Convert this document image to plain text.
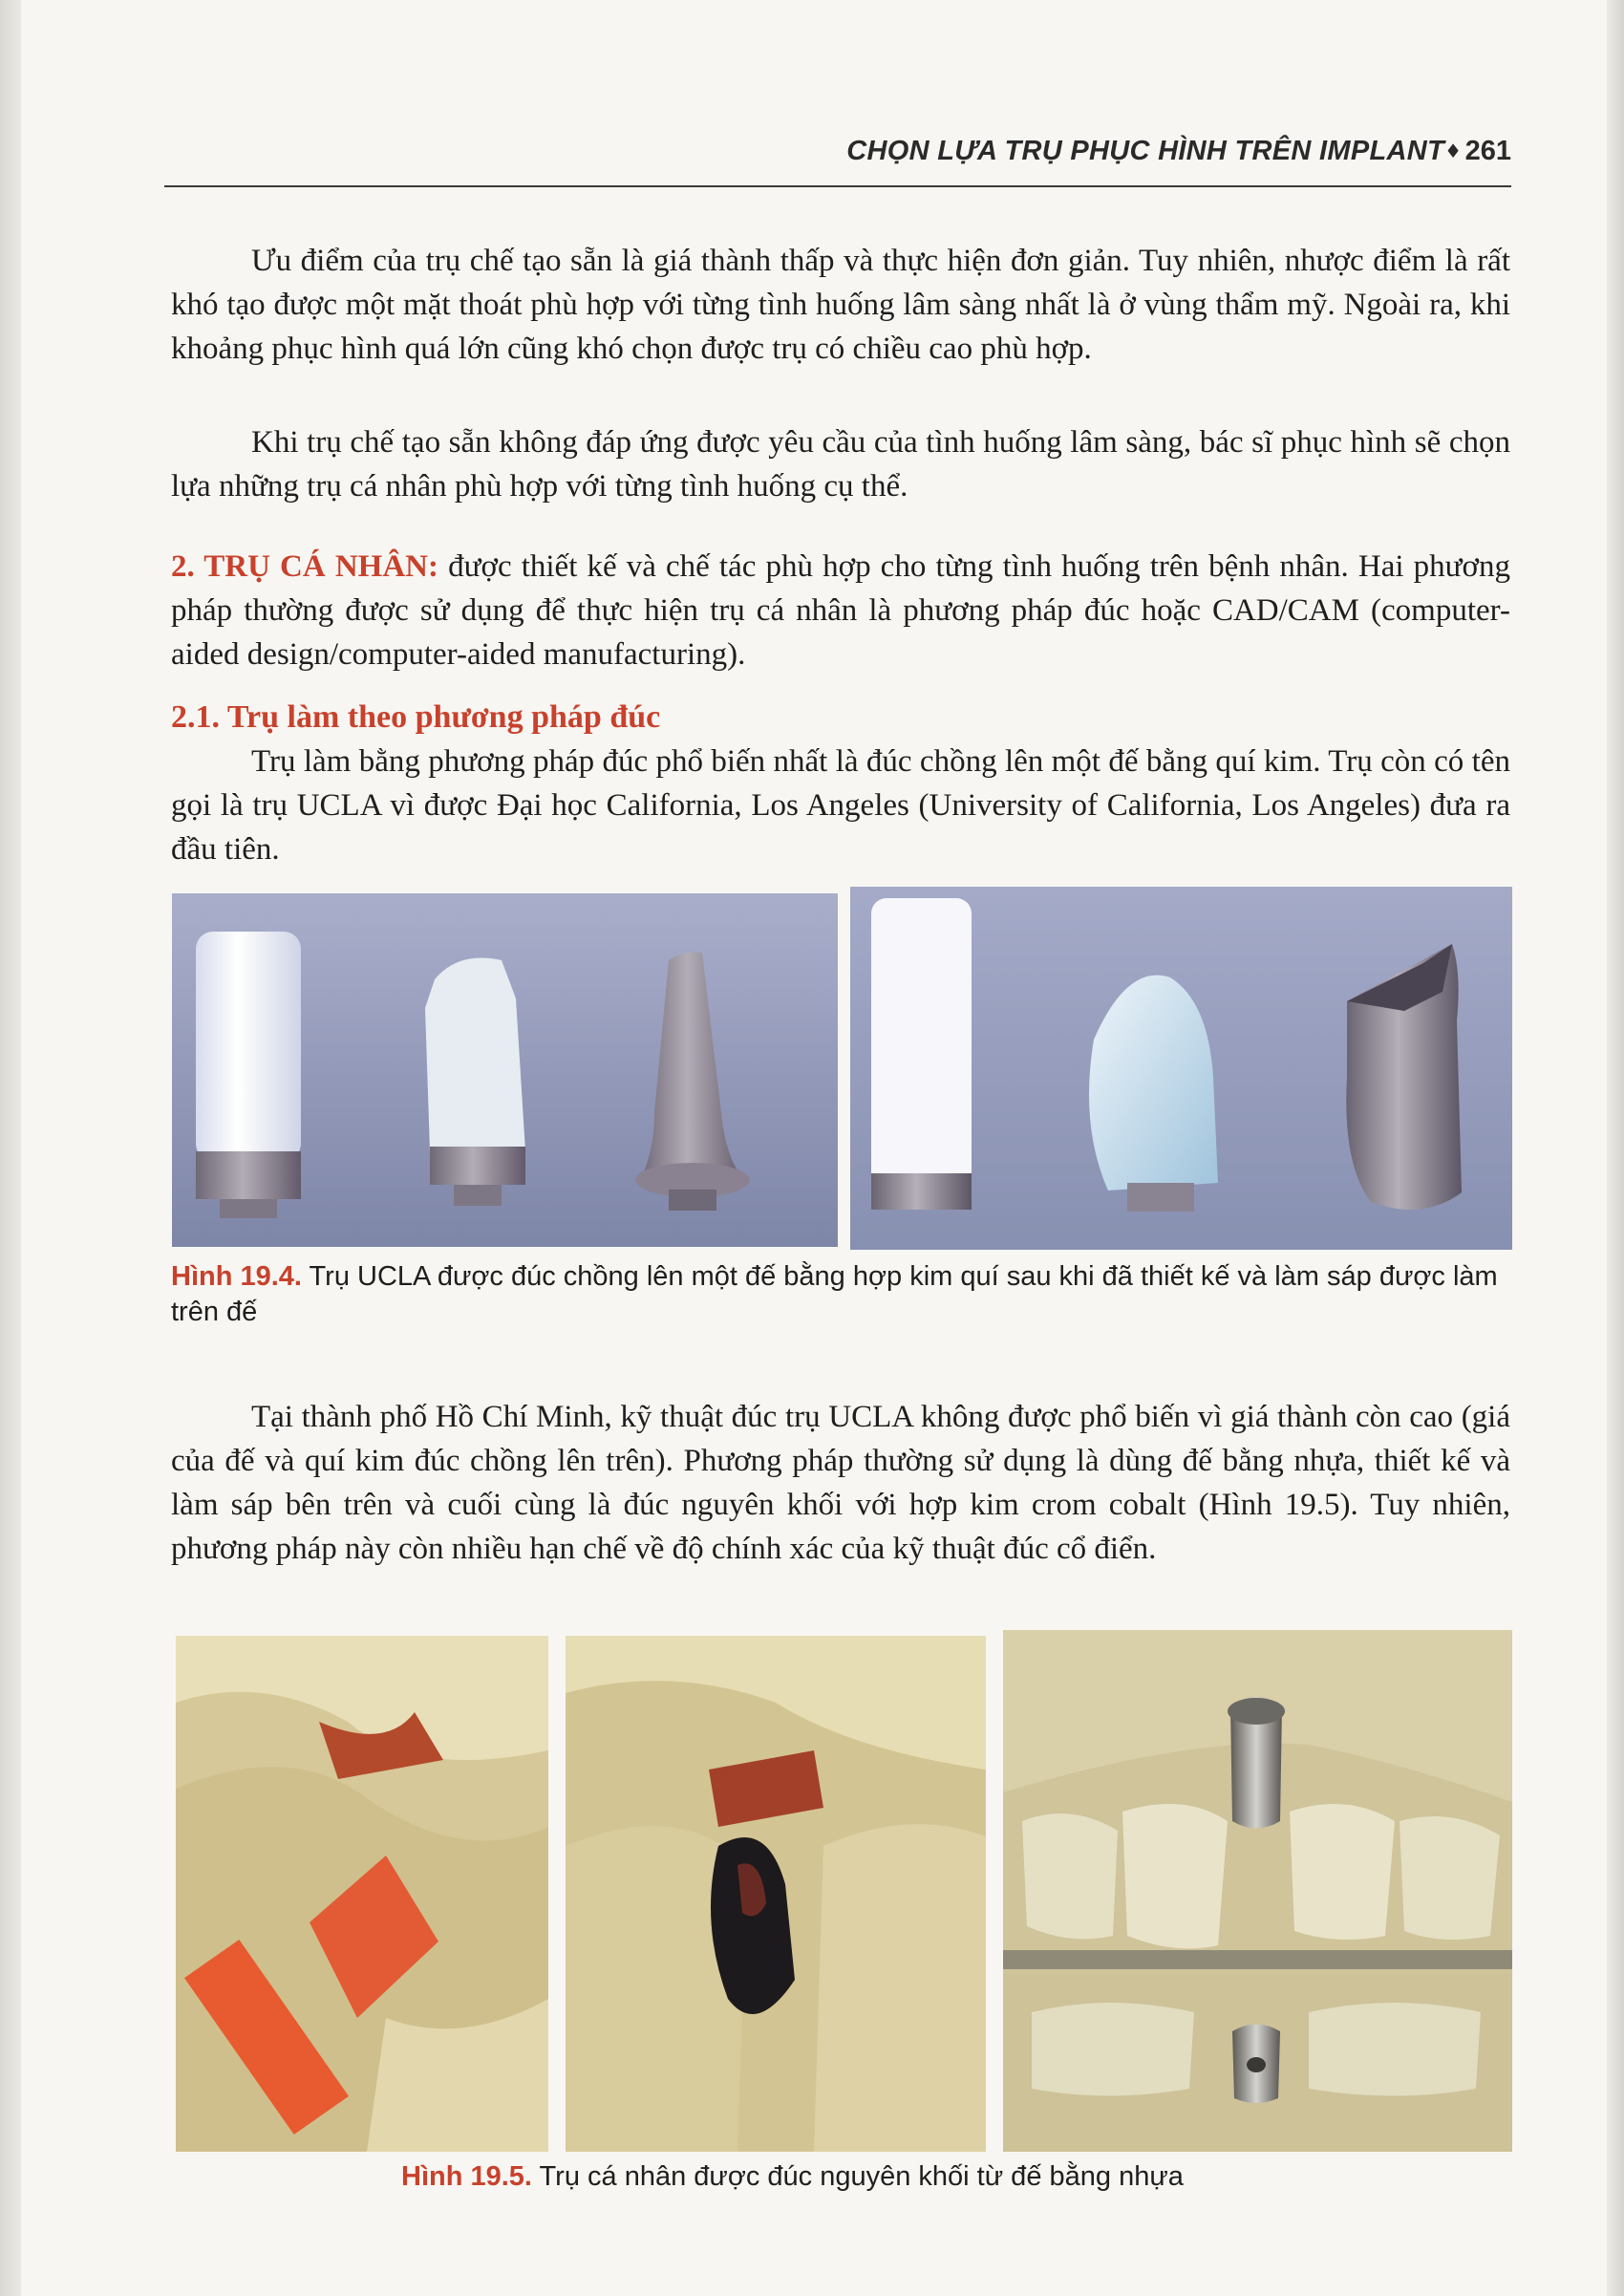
CHỌN LỰA TRỤ PHỤC HÌNH TRÊN IMPLANT ♦ 261

Ưu điểm của trụ chế tạo sẵn là giá thành thấp và thực hiện đơn giản. Tuy nhiên, nhược điểm là rất khó tạo được một mặt thoát phù hợp với từng tình huống lâm sàng nhất là ở vùng thẩm mỹ. Ngoài ra, khi khoảng phục hình quá lớn cũng khó chọn được trụ có chiều cao phù hợp.

Khi trụ chế tạo sẵn không đáp ứng được yêu cầu của tình huống lâm sàng, bác sĩ phục hình sẽ chọn lựa những trụ cá nhân phù hợp với từng tình huống cụ thể.

2. TRỤ CÁ NHÂN: được thiết kế và chế tác phù hợp cho từng tình huống trên bệnh nhân. Hai phương pháp thường được sử dụng để thực hiện trụ cá nhân là phương pháp đúc hoặc CAD/CAM (computer-aided design/computer-aided manufacturing).

2.1. Trụ làm theo phương pháp đúc

Trụ làm bằng phương pháp đúc phổ biến nhất là đúc chồng lên một đế bằng quí kim. Trụ còn có tên gọi là trụ UCLA vì được Đại học California, Los Angeles (University of California, Los Angeles) đưa ra đầu tiên.

Hình 19.4. Trụ UCLA được đúc chồng lên một đế bằng hợp kim quí sau khi đã thiết kế và làm sáp được làm trên đế

Tại thành phố Hồ Chí Minh, kỹ thuật đúc trụ UCLA không được phổ biến vì giá thành còn cao (giá của đế và quí kim đúc chồng lên trên). Phương pháp thường sử dụng là dùng đế bằng nhựa, thiết kế và làm sáp bên trên và cuối cùng là đúc nguyên khối với hợp kim crom cobalt (Hình 19.5). Tuy nhiên, phương pháp này còn nhiều hạn chế về độ chính xác của kỹ thuật đúc cổ điển.

Hình 19.5. Trụ cá nhân được đúc nguyên khối từ đế bằng nhựa
